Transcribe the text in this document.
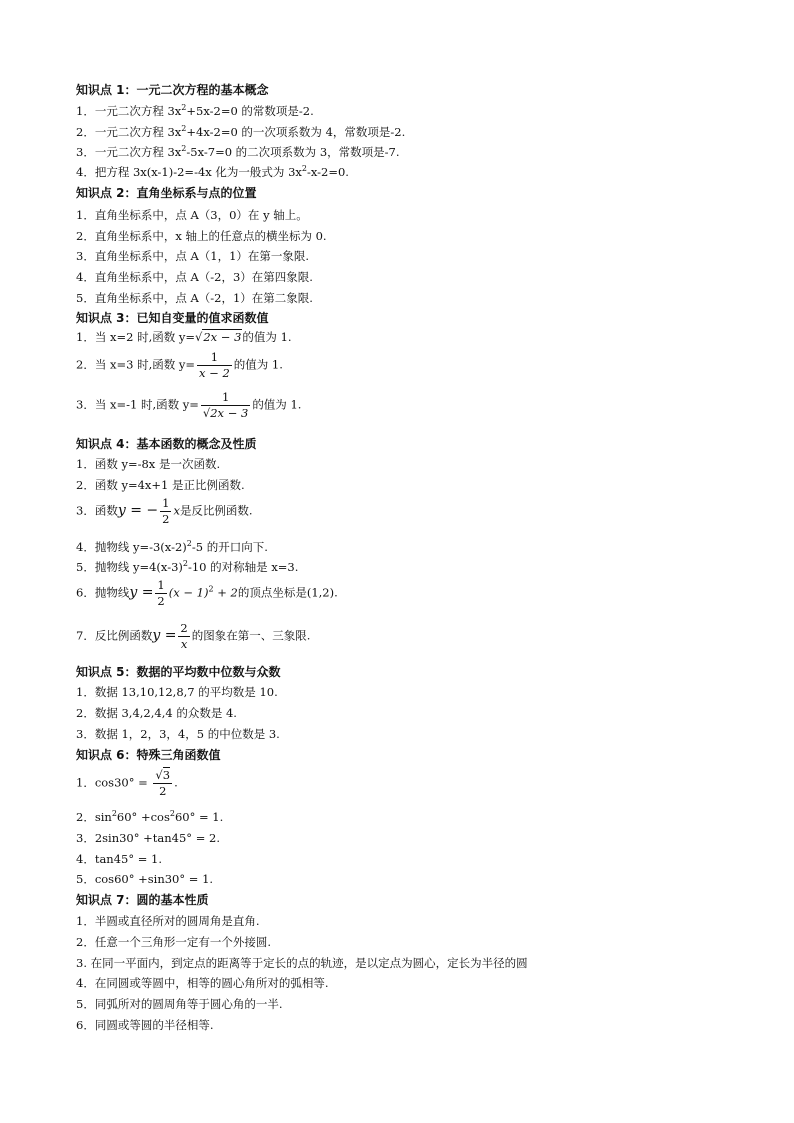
知识点 1：一元二次方程的基本概念
1．一元二次方程 $3x^2+5x-2=0$ 的常数项是-2.
2．一元二次方程 $3x^2+4x-2=0$ 的一次项系数为 4，常数项是-2.
3．一元二次方程 $3x^2-5x-7=0$ 的二次项系数为 3，常数项是-7.
4．把方程 3x(x-1)-2=-4x 化为一般式为 $3x^2-x-2=0$.
知识点 2：直角坐标系与点的位置
1．直角坐标系中，点 A（3，0）在 y 轴上。
2．直角坐标系中，x 轴上的任意点的横坐标为 0.
3．直角坐标系中，点 A（1，1）在第一象限.
4．直角坐标系中，点 A（-2，3）在第四象限.
5．直角坐标系中，点 A（-2，1）在第二象限.
知识点 3：已知自变量的值求函数值
1．当 x=2 时,函数 y=√2x − 3的值为 1.
2．当 x=3 时,函数 $y= \frac{1}{x - 2}$ 的值为 1.
3．当 x=-1 时,函数 $y= \frac{1}{√2x - 3}$ 的值为 1.
知识点 4：基本函数的概念及性质
1．函数 y=-8x 是一次函数.
2．函数 y=4x+1 是正比例函数.
3．函数y = − $\frac{1}{2}$ x是反比例函数.
4．抛物线 $y=-3(x-2)^2-5$ 的开口向下.
5．抛物线 $y=4(x-3)^2-10$ 的对称轴是 x=3.
6．抛物线$y = \frac{1}{2} (x - 1)^2 + 2$的顶点坐标是(1,2).
7．反比例函数$y = \frac{2}{x}$ 的图象在第一、三象限.
知识点 5：数据的平均数中位数与众数
1．数据 13,10,12,8,7 的平均数是 10.
2．数据 3,4,2,4,4 的众数是 4.
3．数据 1，2，3，4，5 的中位数是 3.
知识点 6：特殊三角函数值
1．$\cos 30^\circ = \frac{√3}{2}$ .
2．$\sin^260^\circ +\cos^260^\circ = 1$.
3．2sin30° +tan45° = 2.
4．tan45° = 1.
5．cos60° +sin30° = 1.
知识点 7：圆的基本性质
1．半圆或直径所对的圆周角是直角.
2．任意一个三角形一定有一个外接圆.
3. 在同一平面内，到定点的距离等于定长的点的轨迹，是以定点为圆心，定长为半径的圆
4．在同圆或等圆中，相等的圆心角所对的弧相等.
5．同弧所对的圆周角等于圆心角的一半.
6．同圆或等圆的半径相等.
